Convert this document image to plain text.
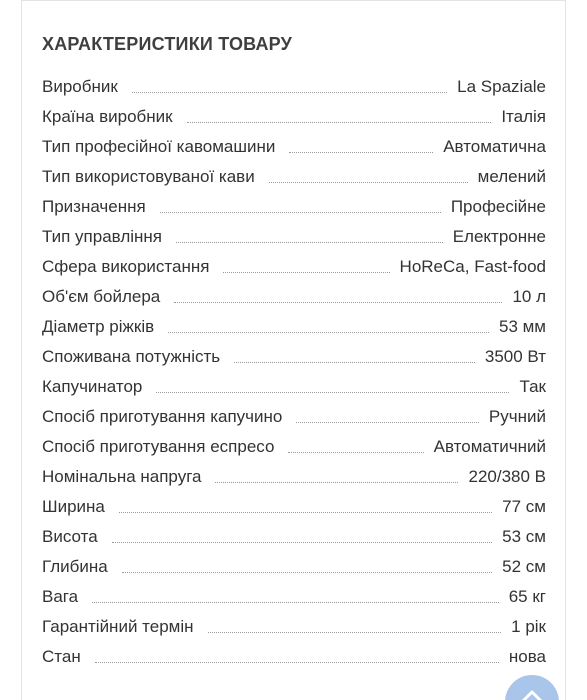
ХАРАКТЕРИСТИКИ ТОВАРУ
Виробник	La Spaziale
Країна виробник	Італія
Тип професійної кавомашини	Автоматична
Тип використовуваної кави	мелений
Призначення	Професійне
Тип управління	Електронне
Сфера використання	HoReCa, Fast-food
Об'єм бойлера	10 л
Діаметр ріжків	53 мм
Споживана потужність	3500 Вт
Капучинатор	Так
Спосіб приготування капучино	Ручний
Спосіб приготування еспресо	Автоматичний
Номінальна напруга	220/380 В
Ширина	77 см
Висота	53 см
Глибина	52 см
Вага	65 кг
Гарантійний термін	1 рік
Стан	нова
